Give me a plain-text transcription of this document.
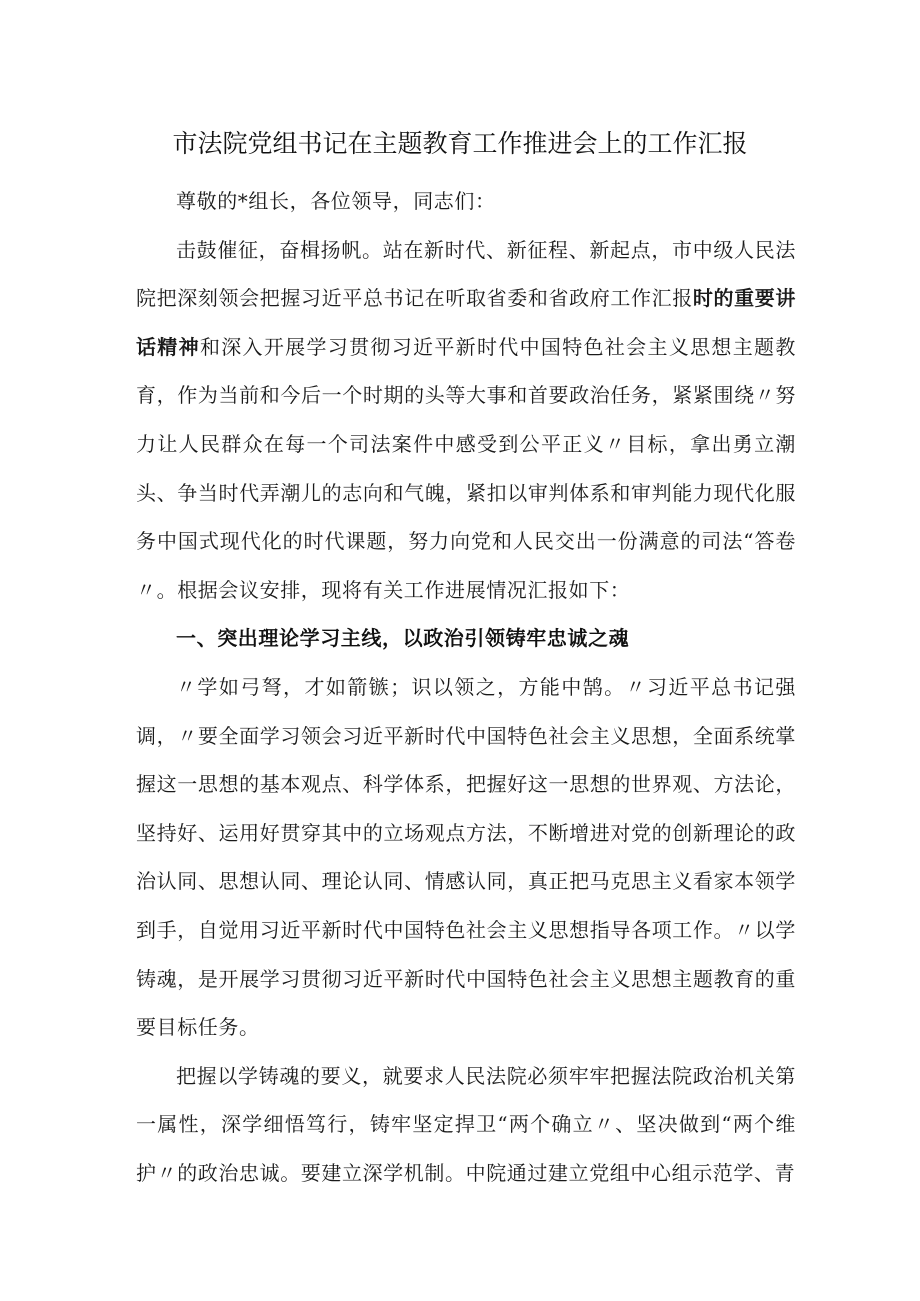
市法院党组书记在主题教育工作推进会上的工作汇报

尊敬的*组长，各位领导，同志们：

击鼓催征，奋楫扬帆。站在新时代、新征程、新起点，市中级人民法院把深刻领会把握习近平总书记在听取省委和省政府工作汇报时的重要讲话精神和深入开展学习贯彻习近平新时代中国特色社会主义思想主题教育，作为当前和今后一个时期的头等大事和首要政治任务，紧紧围绕〃努力让人民群众在每一个司法案件中感受到公平正义〃目标，拿出勇立潮头、争当时代弄潮儿的志向和气魄，紧扣以审判体系和审判能力现代化服务中国式现代化的时代课题，努力向党和人民交出一份满意的司法“答卷〃。根据会议安排，现将有关工作进展情况汇报如下：

一、突出理论学习主线，以政治引领铸牢忠诚之魂

〃学如弓弩，才如箭镞；识以领之，方能中鹄。〃习近平总书记强调，〃要全面学习领会习近平新时代中国特色社会主义思想，全面系统掌握这一思想的基本观点、科学体系，把握好这一思想的世界观、方法论，坚持好、运用好贯穿其中的立场观点方法，不断增进对党的创新理论的政治认同、思想认同、理论认同、情感认同，真正把马克思主义看家本领学到手，自觉用习近平新时代中国特色社会主义思想指导各项工作。〃以学铸魂，是开展学习贯彻习近平新时代中国特色社会主义思想主题教育的重要目标任务。

把握以学铸魂的要义，就要求人民法院必须牢牢把握法院政治机关第一属性，深学细悟笃行，铸牢坚定捍卫“两个确立〃、坚决做到“两个维护〃的政治忠诚。要建立深学机制。中院通过建立党组中心组示范学、青
